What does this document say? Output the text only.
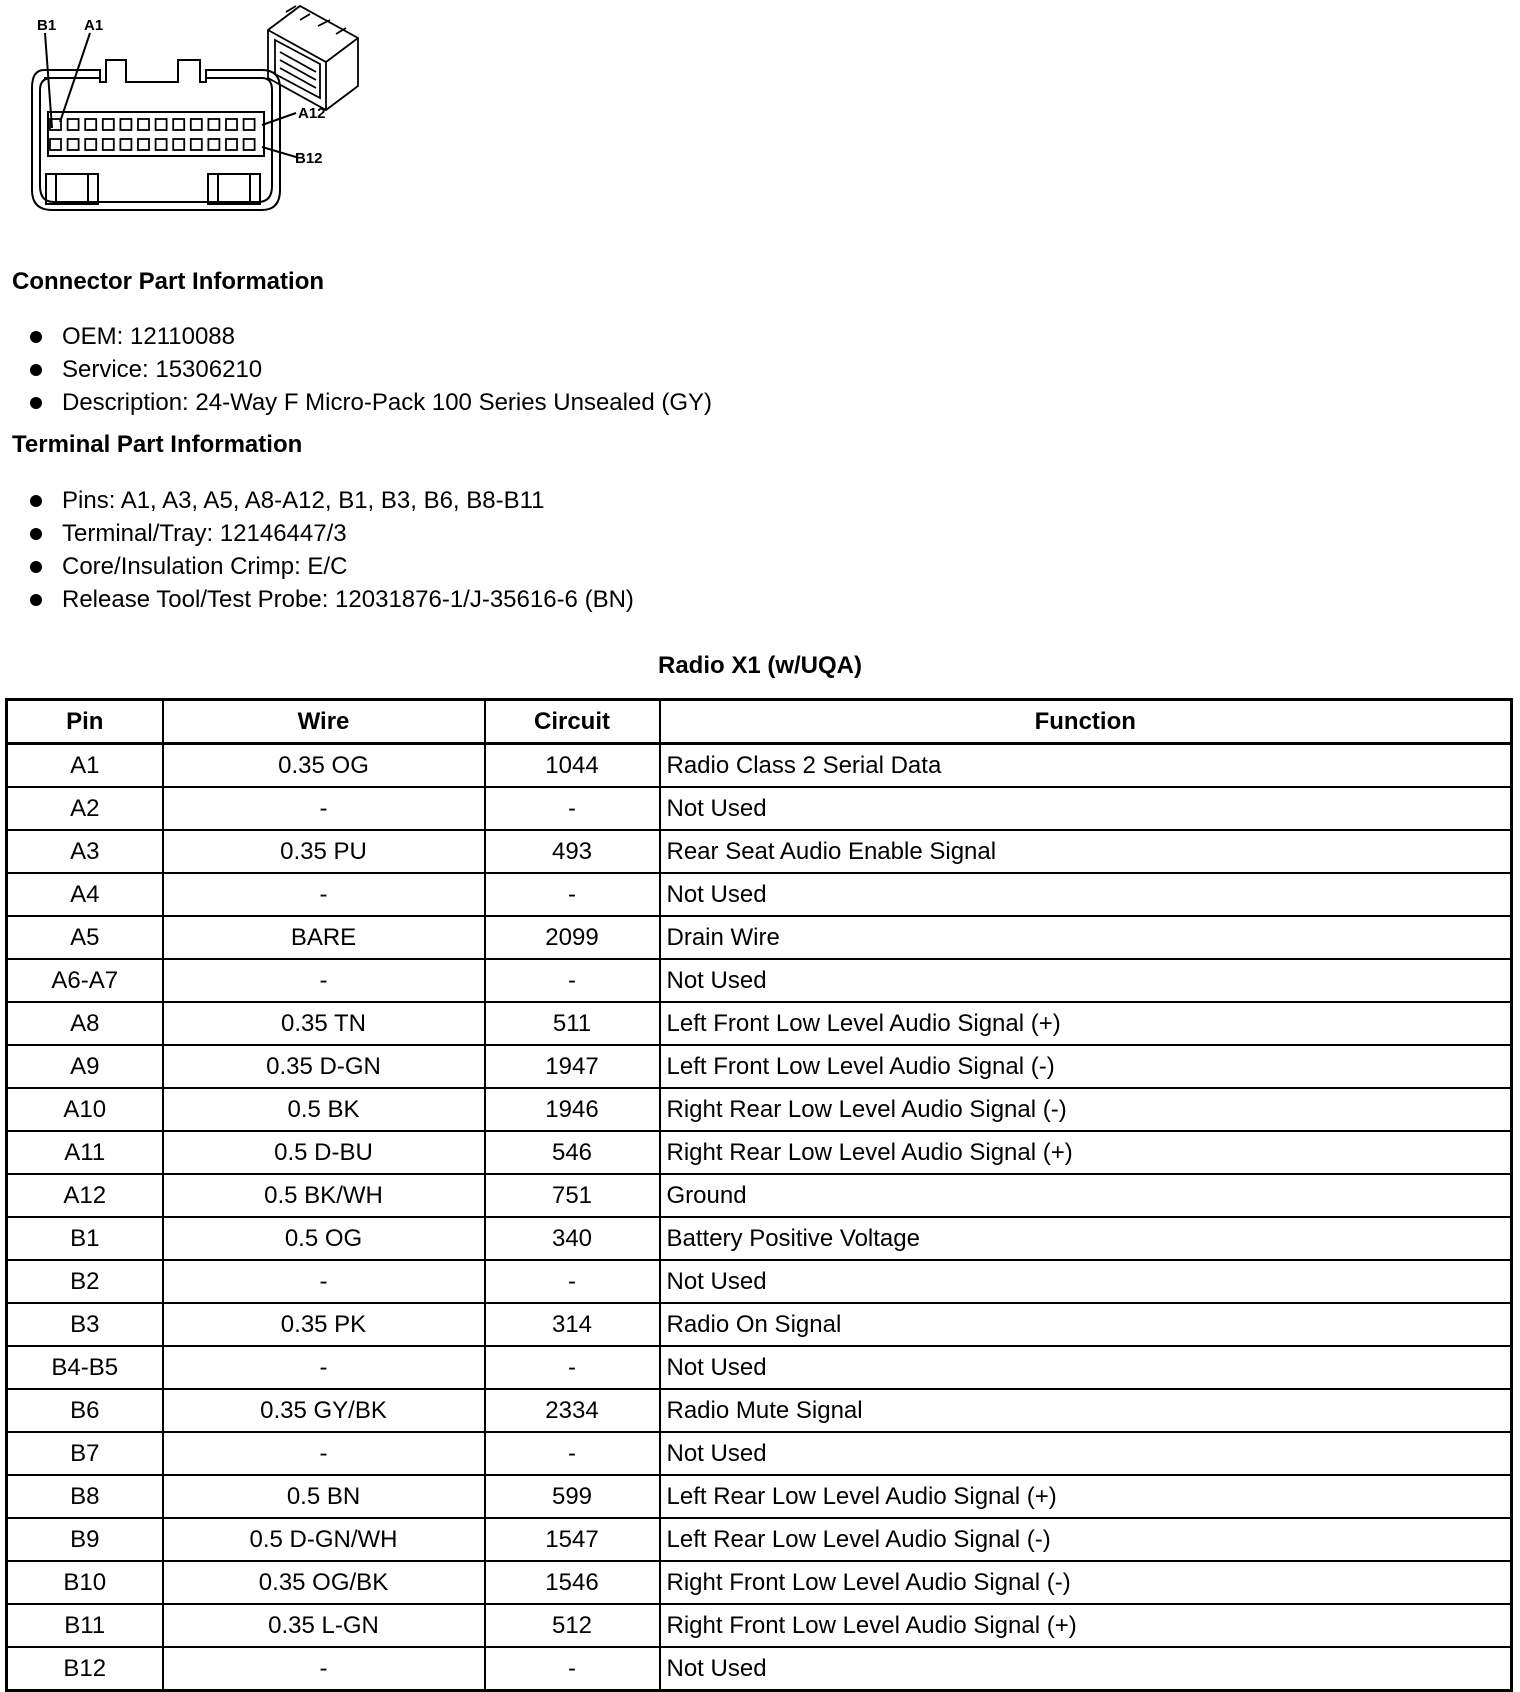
B1 A1
A12
B12
Connector Part Information
OEM: 12110088
Service: 15306210
Description: 24-Way F Micro-Pack 100 Series Unsealed (GY)
Terminal Part Information
Pins: A1, A3, A5, A8-A12, B1, B3, B6, B8-B11
Terminal/Tray: 12146447/3
Core/Insulation Crimp: E/C
Release Tool/Test Probe: 12031876-1/J-35616-6 (BN)
Radio X1 (w/UQA)
Pin	Wire	Circuit	Function
A1	0.35 OG	1044	Radio Class 2 Serial Data
A2	-	-	Not Used
A3	0.35 PU	493	Rear Seat Audio Enable Signal
A4	-	-	Not Used
A5	BARE	2099	Drain Wire
A6-A7	-	-	Not Used
A8	0.35 TN	511	Left Front Low Level Audio Signal (+)
A9	0.35 D-GN	1947	Left Front Low Level Audio Signal (-)
A10	0.5 BK	1946	Right Rear Low Level Audio Signal (-)
A11	0.5 D-BU	546	Right Rear Low Level Audio Signal (+)
A12	0.5 BK/WH	751	Ground
B1	0.5 OG	340	Battery Positive Voltage
B2	-	-	Not Used
B3	0.35 PK	314	Radio On Signal
B4-B5	-	-	Not Used
B6	0.35 GY/BK	2334	Radio Mute Signal
B7	-	-	Not Used
B8	0.5 BN	599	Left Rear Low Level Audio Signal (+)
B9	0.5 D-GN/WH	1547	Left Rear Low Level Audio Signal (-)
B10	0.35 OG/BK	1546	Right Front Low Level Audio Signal (-)
B11	0.35 L-GN	512	Right Front Low Level Audio Signal (+)
B12	-	-	Not Used
